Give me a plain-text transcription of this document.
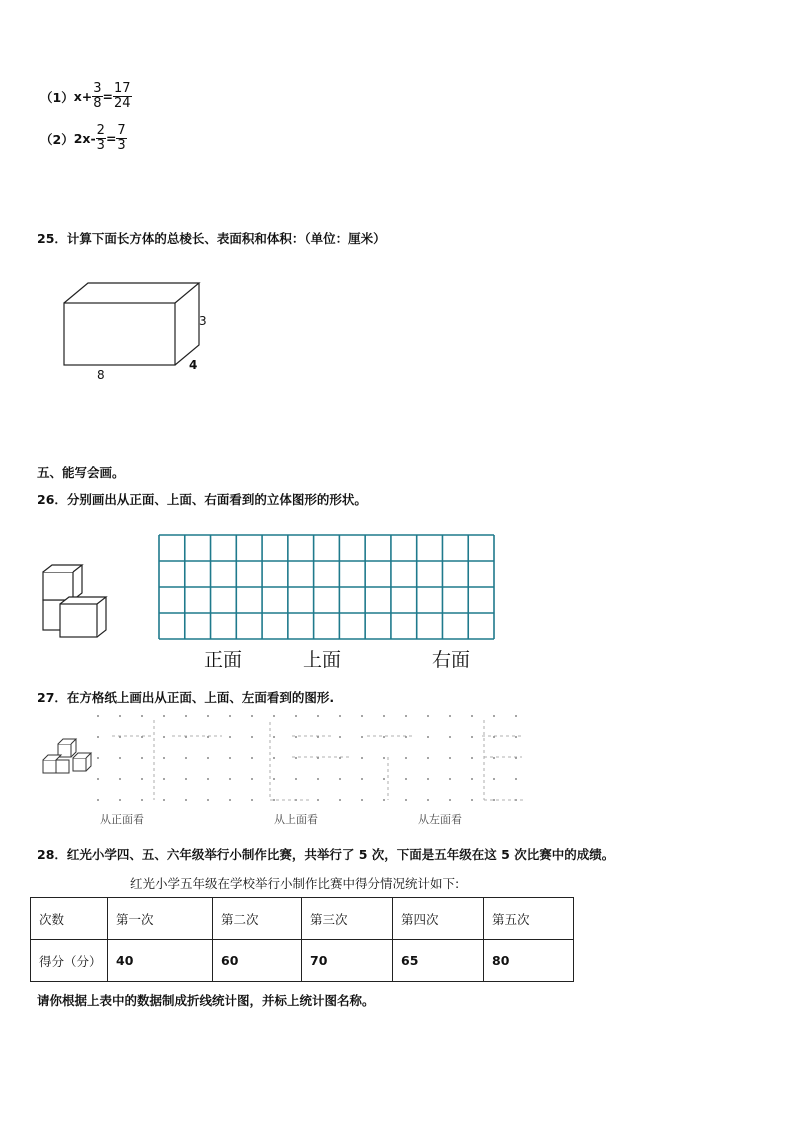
（1） $x+ \frac{3}{8} = \frac{17}{24}$
（2） $2x- \frac{2}{3} = \frac{7}{3}$
25．计算下面长方体的总棱长、表面积和体积：（单位：厘米）
8
3
4
五、能写会画。
26．分别画出从正面、上面、右面看到的立体图形的形状。
正面	上面	右面
27．在方格纸上画出从正面、上面、左面看到的图形.
从正面看	从上面看	从左面看
28．红光小学四、五、六年级举行小制作比赛，共举行了 5 次，下面是五年级在这 5 次比赛中的成绩。
红光小学五年级在学校举行小制作比赛中得分情况统计如下:
次数	第一次	第二次	第三次	第四次	第五次
得分（分）	40	60	70	65	80
请你根据上表中的数据制成折线统计图，并标上统计图名称。
